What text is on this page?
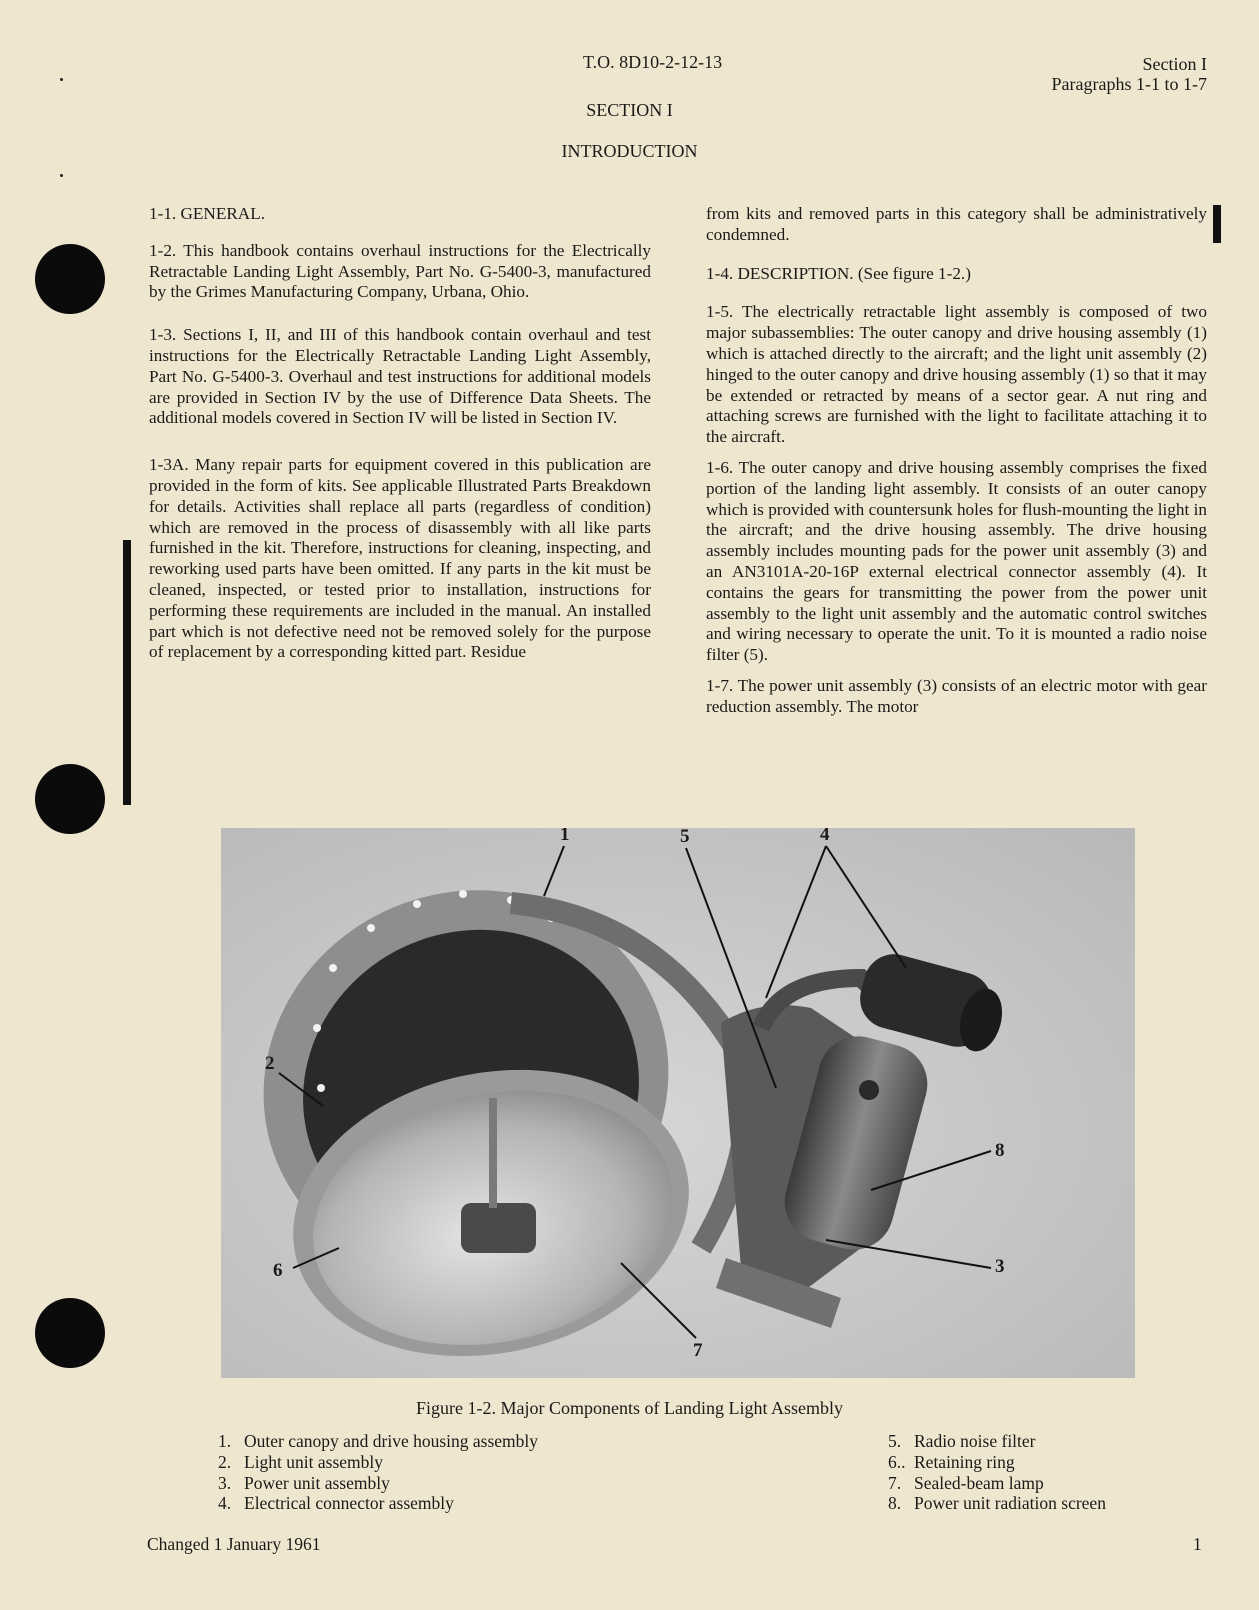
T.O. 8D10-2-12-13	Section I
Paragraphs 1-1 to 1-7
SECTION I
INTRODUCTION

1-1. GENERAL.

1-2. This handbook contains overhaul instructions for the Electrically Retractable Landing Light Assembly, Part No. G-5400-3, manufactured by the Grimes Manufacturing Company, Urbana, Ohio.

1-3. Sections I, II, and III of this handbook contain overhaul and test instructions for the Electrically Retractable Landing Light Assembly, Part No. G-5400-3. Overhaul and test instructions for additional models are provided in Section IV by the use of Difference Data Sheets. The additional models covered in Section IV will be listed in Section IV.

1-3A. Many repair parts for equipment covered in this publication are provided in the form of kits. See applicable Illustrated Parts Breakdown for details. Activities shall replace all parts (regardless of condition) which are removed in the process of disassembly with all like parts furnished in the kit. Therefore, instructions for cleaning, inspecting, and reworking used parts have been omitted. If any parts in the kit must be cleaned, inspected, or tested prior to installation, instructions for performing these requirements are included in the manual. An installed part which is not defective need not be removed solely for the purpose of replacement by a corresponding kitted part. Residue

from kits and removed parts in this category shall be administratively condemned.

1-4. DESCRIPTION. (See figure 1-2.)

1-5. The electrically retractable light assembly is composed of two major subassemblies: The outer canopy and drive housing assembly (1) which is attached directly to the aircraft; and the light unit assembly (2) hinged to the outer canopy and drive housing assembly (1) so that it may be extended or retracted by means of a sector gear. A nut ring and attaching screws are furnished with the light to facilitate attaching it to the aircraft.

1-6. The outer canopy and drive housing assembly comprises the fixed portion of the landing light assembly. It consists of an outer canopy which is provided with countersunk holes for flush-mounting the light in the aircraft; and the drive housing assembly. The drive housing assembly includes mounting pads for the power unit assembly (3) and an AN3101A-20-16P external electrical connector assembly (4). It contains the gears for transmitting the power from the power unit assembly to the light unit assembly and the automatic control switches and wiring necessary to operate the unit. To it is mounted a radio noise filter (5).

1-7. The power unit assembly (3) consists of an electric motor with gear reduction assembly. The motor

1	5	4
2
8
6	3
7
Figure 1-2. Major Components of Landing Light Assembly
1. Outer canopy and drive housing assembly
2. Light unit assembly
3. Power unit assembly
4. Electrical connector assembly
5. Radio noise filter
6.. Retaining ring
7. Sealed-beam lamp
8. Power unit radiation screen
Changed 1 January 1961	1
